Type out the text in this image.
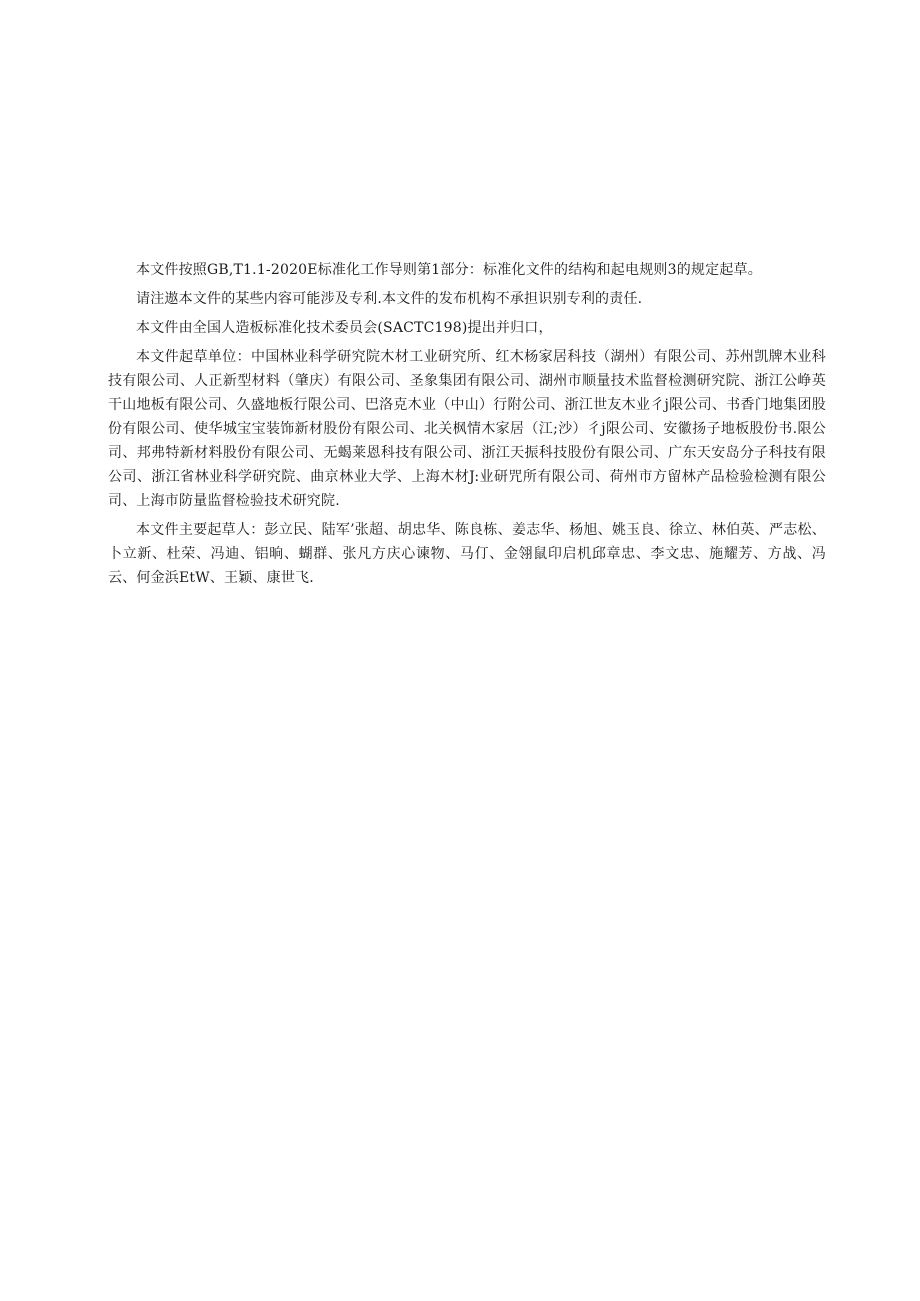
本文件按照GB,T1.1-2020E标准化工作导则第1部分：标准化文件的结构和起电规则3的规定起草。

请注遨本文件的某些内容可能涉及专利.本文件的发布机构不承担识别专利的责任.

本文件由全国人造板标准化技术委员会(SACTC198)提出并归口，

本文件起草单位：中国林业科学研究院木材工业研究所、红木杨家居科技（湖州）有限公司、苏州凯牌木业科技有限公司、人正新型材料（肇庆）有限公司、圣象集团有限公司、湖州市顺量技术监督检测研究院、浙江公峥英干山地板有限公司、久盛地板行限公司、巴洛克木业（中山）行附公司、浙江世友木业彳j限公司、书香门地集团股份有限公司、使华城宝宝装饰新材股份有限公司、北关枫情木家居（江;沙）彳j限公司、安徽扬子地板股份书.限公司、邦弗特新材料股份有限公司、无蝎莱恩科技有限公司、浙江天振科技股份有限公司、广东天安岛分子科技有限公司、浙江省林业科学研究院、曲京林业大学、上海木材J:业研咒所有限公司、荷州市方留林产品检验检测有限公司、上海市防量监督检验技术研究院.

本文件主要起草人：彭立民、陆军’张超、胡忠华、陈良栋、姜志华、杨旭、姚玉良、徐立、林伯英、严志松、卜立新、杜荣、冯迪、铝晌、蝴群、张凡方庆心谏物、马仃、金翎鼠印启机邱章忠、李文忠、施耀芳、方战、冯云、何金浜EtW、王颖、康世飞.
